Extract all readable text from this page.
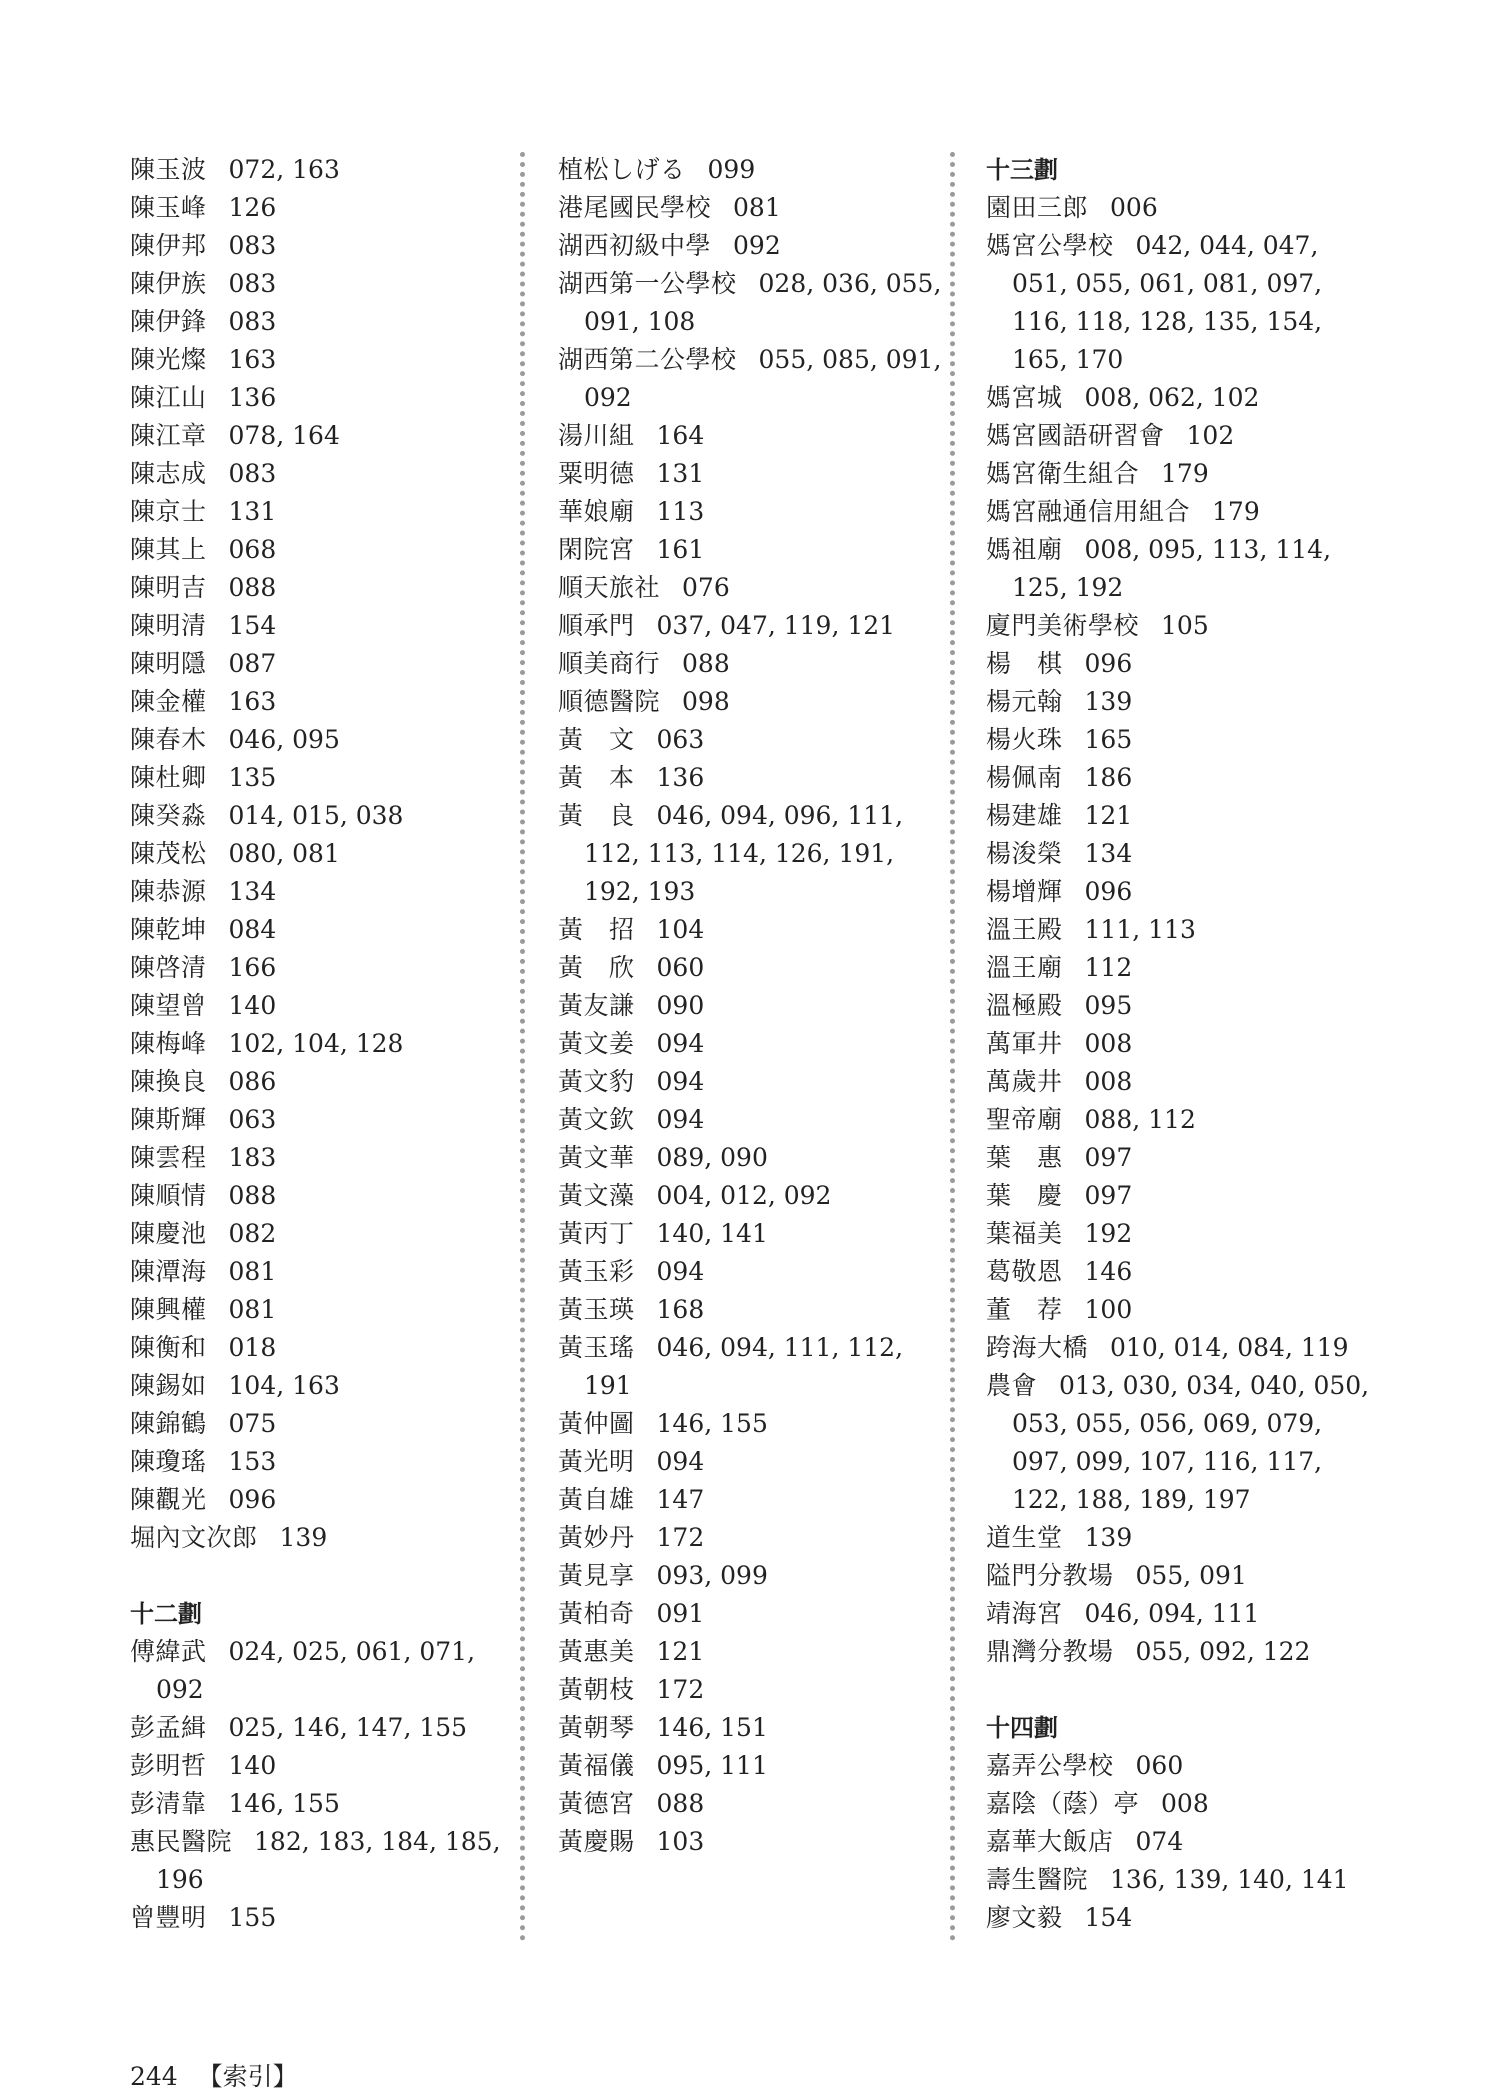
陳玉波 072, 163
陳玉峰 126
陳伊邦 083
陳伊族 083
陳伊鋒 083
陳光燦 163
陳江山 136
陳江章 078, 164
陳志成 083
陳京士 131
陳其上 068
陳明吉 088
陳明清 154
陳明隱 087
陳金權 163
陳春木 046, 095
陳杜卿 135
陳癸淼 014, 015, 038
陳茂松 080, 081
陳恭源 134
陳乾坤 084
陳啓清 166
陳望曾 140
陳梅峰 102, 104, 128
陳換良 086
陳斯輝 063
陳雲程 183
陳順情 088
陳慶池 082
陳潭海 081
陳興權 081
陳衡和 018
陳錫如 104, 163
陳錦鶴 075
陳瓊瑤 153
陳觀光 096
堀內文次郎 139
十二劃
傅緯武 024, 025, 061, 071, 092
彭孟緝 025, 146, 147, 155
彭明哲 140
彭清靠 146, 155
惠民醫院 182, 183, 184, 185, 196
曾豐明 155
植松しげる 099
港尾國民學校 081
湖西初級中學 092
湖西第一公學校 028, 036, 055, 091, 108
湖西第二公學校 055, 085, 091, 092
湯川組 164
粟明德 131
華娘廟 113
閑院宮 161
順天旅社 076
順承門 037, 047, 119, 121
順美商行 088
順德醫院 098
黃　文 063
黃　本 136
黃　良 046, 094, 096, 111, 112, 113, 114, 126, 191, 192, 193
黃　招 104
黃　欣 060
黃友謙 090
黃文姜 094
黃文豹 094
黃文欽 094
黃文華 089, 090
黃文藻 004, 012, 092
黃丙丁 140, 141
黃玉彩 094
黃玉瑛 168
黃玉瑤 046, 094, 111, 112, 191
黃仲圖 146, 155
黃光明 094
黃自雄 147
黃妙丹 172
黃見享 093, 099
黃柏奇 091
黃惠美 121
黃朝枝 172
黃朝琴 146, 151
黃福儀 095, 111
黃德宮 088
黃慶賜 103
十三劃
園田三郎 006
媽宮公學校 042, 044, 047, 051, 055, 061, 081, 097, 116, 118, 128, 135, 154, 165, 170
媽宮城 008, 062, 102
媽宮國語研習會 102
媽宮衛生組合 179
媽宮融通信用組合 179
媽祖廟 008, 095, 113, 114, 125, 192
廈門美術學校 105
楊　棋 096
楊元翰 139
楊火珠 165
楊佩南 186
楊建雄 121
楊浚榮 134
楊增輝 096
溫王殿 111, 113
溫王廟 112
溫極殿 095
萬軍井 008
萬歲井 008
聖帝廟 088, 112
葉　惠 097
葉　慶 097
葉福美 192
葛敬恩 146
董　荐 100
跨海大橋 010, 014, 084, 119
農會 013, 030, 034, 040, 050, 053, 055, 056, 069, 079, 097, 099, 107, 116, 117, 122, 188, 189, 197
道生堂 139
隘門分教場 055, 091
靖海宮 046, 094, 111
鼎灣分教場 055, 092, 122
十四劃
嘉弄公學校 060
嘉陰（蔭）亭 008
嘉華大飯店 074
壽生醫院 136, 139, 140, 141
廖文毅 154
244 【索引】
